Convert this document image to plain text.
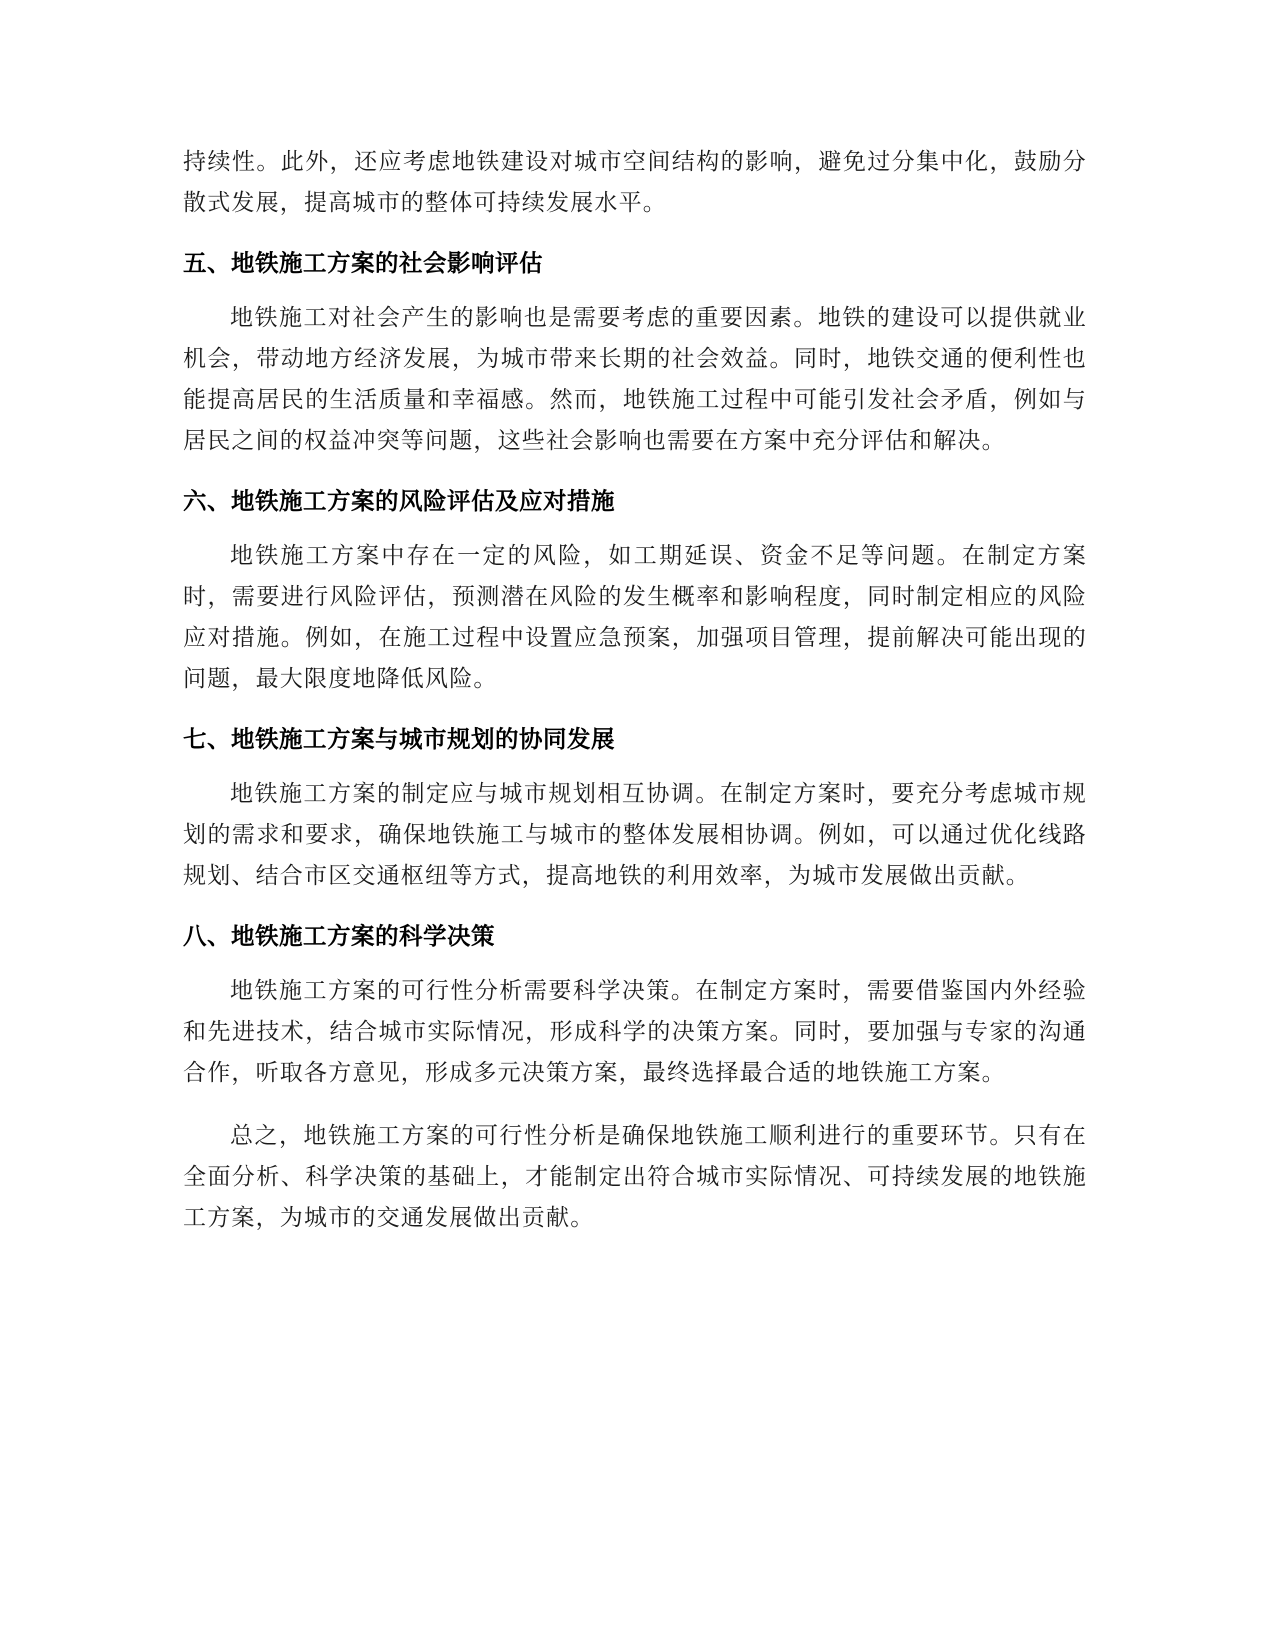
持续性。此外，还应考虑地铁建设对城市空间结构的影响，避免过分集中化，鼓励分散式发展，提高城市的整体可持续发展水平。

五、地铁施工方案的社会影响评估

地铁施工对社会产生的影响也是需要考虑的重要因素。地铁的建设可以提供就业机会，带动地方经济发展，为城市带来长期的社会效益。同时，地铁交通的便利性也能提高居民的生活质量和幸福感。然而，地铁施工过程中可能引发社会矛盾，例如与居民之间的权益冲突等问题，这些社会影响也需要在方案中充分评估和解决。

六、地铁施工方案的风险评估及应对措施

地铁施工方案中存在一定的风险，如工期延误、资金不足等问题。在制定方案时，需要进行风险评估，预测潜在风险的发生概率和影响程度，同时制定相应的风险应对措施。例如，在施工过程中设置应急预案，加强项目管理，提前解决可能出现的问题，最大限度地降低风险。

七、地铁施工方案与城市规划的协同发展

地铁施工方案的制定应与城市规划相互协调。在制定方案时，要充分考虑城市规划的需求和要求，确保地铁施工与城市的整体发展相协调。例如，可以通过优化线路规划、结合市区交通枢纽等方式，提高地铁的利用效率，为城市发展做出贡献。

八、地铁施工方案的科学决策

地铁施工方案的可行性分析需要科学决策。在制定方案时，需要借鉴国内外经验和先进技术，结合城市实际情况，形成科学的决策方案。同时，要加强与专家的沟通合作，听取各方意见，形成多元决策方案，最终选择最合适的地铁施工方案。

总之，地铁施工方案的可行性分析是确保地铁施工顺利进行的重要环节。只有在全面分析、科学决策的基础上，才能制定出符合城市实际情况、可持续发展的地铁施工方案，为城市的交通发展做出贡献。
